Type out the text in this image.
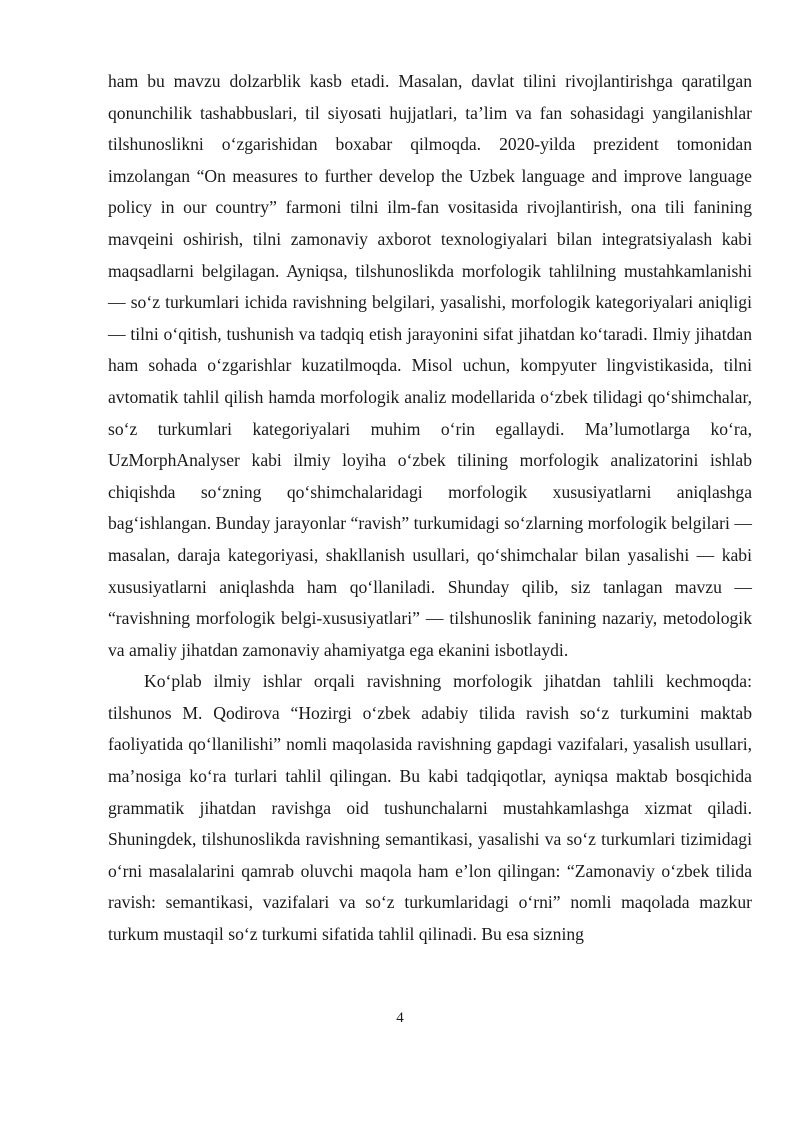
ham bu mavzu dolzarblik kasb etadi. Masalan, davlat tilini rivojlantirishga qaratilgan qonunchilik tashabbuslari, til siyosati hujjatlari, ta’lim va fan sohasidagi yangilanishlar tilshunoslikni o‘zgarishidan boxabar qilmoqda. 2020-yilda prezident tomonidan imzolangan “On measures to further develop the Uzbek language and improve language policy in our country” farmoni tilni ilm-fan vositasida rivojlantirish, ona tili fanining mavqeini oshirish, tilni zamonaviy axborot texnologiyalari bilan integratsiyalash kabi maqsadlarni belgilagan. Ayniqsa, tilshunoslikda morfologik tahlilning mustahkamlanishi — so‘z turkumlari ichida ravishning belgilari, yasalishi, morfologik kategoriyalari aniqligi — tilni o‘qitish, tushunish va tadqiq etish jarayonini sifat jihatdan ko‘taradi. Ilmiy jihatdan ham sohada o‘zgarishlar kuzatilmoqda. Misol uchun, kompyuter lingvistikasida, tilni avtomatik tahlil qilish hamda morfologik analiz modellarida o‘zbek tilidagi qo‘shimchalar, so‘z turkumlari kategoriyalari muhim o‘rin egallaydi. Ma’lumotlarga ko‘ra, UzMorphAnalyser kabi ilmiy loyiha o‘zbek tilining morfologik analizatorini ishlab chiqishda so‘zning qo‘shimchalaridagi morfologik xususiyatlarni aniqlashga bag‘ishlangan. Bunday jarayonlar “ravish” turkumidagi so‘zlarning morfologik belgilari — masalan, daraja kategoriyasi, shakllanish usullari, qo‘shimchalar bilan yasalishi — kabi xususiyatlarni aniqlashda ham qo‘llaniladi. Shunday qilib, siz tanlagan mavzu — “ravishning morfologik belgi-xususiyatlari” — tilshunoslik fanining nazariy, metodologik va amaliy jihatdan zamonaviy ahamiyatga ega ekanini isbotlaydi.

Ko‘plab ilmiy ishlar orqali ravishning morfologik jihatdan tahlili kechmoqda: tilshunos M. Qodirova “Hozirgi o‘zbek adabiy tilida ravish so‘z turkumini maktab faoliyatida qo‘llanilishi” nomli maqolasida ravishning gapdagi vazifalari, yasalish usullari, ma’nosiga ko‘ra turlari tahlil qilingan. Bu kabi tadqiqotlar, ayniqsa maktab bosqichida grammatik jihatdan ravishga oid tushunchalarni mustahkamlashga xizmat qiladi. Shuningdek, tilshunoslikda ravishning semantikasi, yasalishi va so‘z turkumlari tizimidagi o‘rni masalalarini qamrab oluvchi maqola ham e’lon qilingan: “Zamonaviy o‘zbek tilida ravish: semantikasi, vazifalari va so‘z turkumlaridagi o‘rni” nomli maqolada mazkur turkum mustaqil so‘z turkumi sifatida tahlil qilinadi. Bu esa sizning

4
